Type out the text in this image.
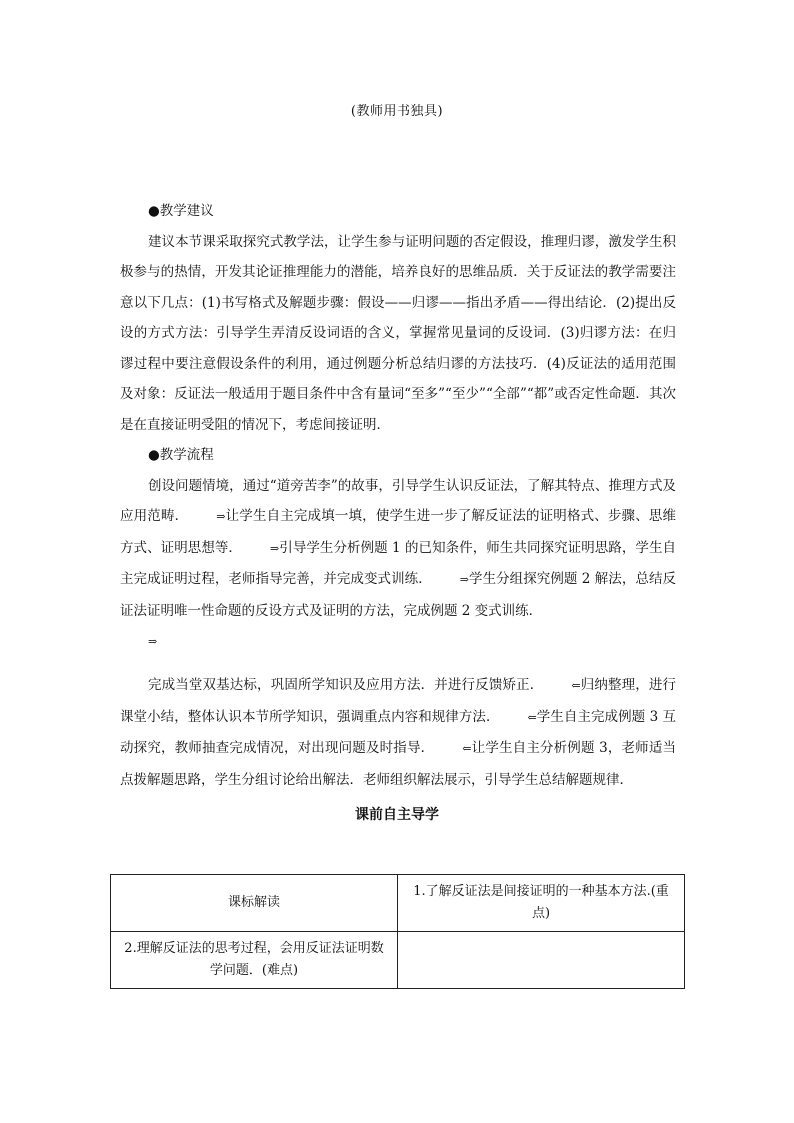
(教师用书独具)

●教学建议

建议本节课采取探究式教学法，让学生参与证明问题的否定假设，推理归谬，激发学生积极参与的热情，开发其论证推理能力的潜能，培养良好的思维品质．关于反证法的教学需要注意以下几点：(1)书写格式及解题步骤：假设——归谬——指出矛盾——得出结论．(2)提出反设的方式方法：引导学生弄清反设词语的含义，掌握常见量词的反设词．(3)归谬方法：在归谬过程中要注意假设条件的利用，通过例题分析总结归谬的方法技巧．(4)反证法的适用范围及对象：反证法一般适用于题目条件中含有量词“至多”“至少”“全部”“都”或否定性命题．其次是在直接证明受阻的情况下，考虑间接证明．

●教学流程

创设问题情境，通过“道旁苦李”的故事，引导学生认识反证法，了解其特点、推理方式及应用范畴．	⇒让学生自主完成填一填，使学生进一步了解反证法的证明格式、步骤、思维方式、证明思想等．	⇒引导学生分析例题 1 的已知条件，师生共同探究证明思路，学生自主完成证明过程，老师指导完善，并完成变式训练．	⇒学生分组探究例题 2 解法，总结反证法证明唯一性命题的反设方式及证明的方法，完成例题 2 变式训练．

⇒

完成当堂双基达标，巩固所学知识及应用方法．并进行反馈矫正．	⇐归纳整理，进行课堂小结，整体认识本节所学知识，强调重点内容和规律方法．	⇐学生自主完成例题 3 互动探究，教师抽查完成情况，对出现问题及时指导．	⇐让学生自主分析例题 3，老师适当点拨解题思路，学生分组讨论给出解法．老师组织解法展示，引导学生总结解题规律．

课前自主导学
课标解读	1.了解反证法是间接证明的一种基本方法.(重点)
2.理解反证法的思考过程，会用反证法证明数学问题．(难点)	
